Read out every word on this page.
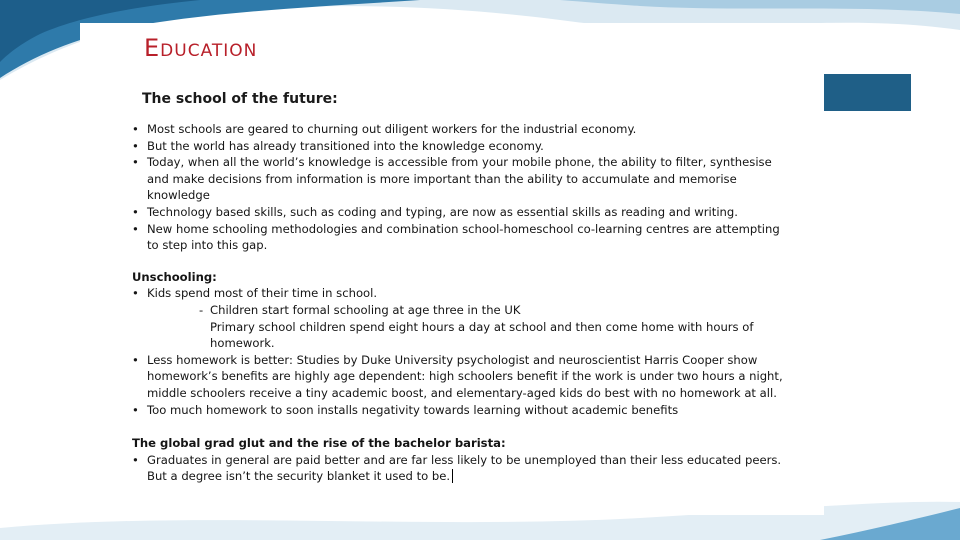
Education
The school of the future:

• Most schools are geared to churning out diligent workers for the industrial economy.

• But the world has already transitioned into the knowledge economy.

• Today, when all the world’s knowledge is accessible from your mobile phone, the ability to filter, synthesise and make decisions from information is more important than the ability to accumulate and memorise knowledge

• Technology based skills, such as coding and typing, are now as essential skills as reading and writing.

• New home schooling methodologies and combination school-homeschool co-learning centres are attempting to step into this gap.

Unschooling:

• Kids spend most of their time in school.

- Children start formal schooling at age three in the UK

Primary school children spend eight hours a day at school and then come home with hours of homework.

• Less homework is better: Studies by Duke University psychologist and neuroscientist Harris Cooper show homework’s benefits are highly age dependent: high schoolers benefit if the work is under two hours a night, middle schoolers receive a tiny academic boost, and elementary-aged kids do best with no homework at all.

• Too much homework to soon installs negativity towards learning without academic benefits

The global grad glut and the rise of the bachelor barista:

• Graduates in general are paid better and are far less likely to be unemployed than their less educated peers. But a degree isn’t the security blanket it used to be.
